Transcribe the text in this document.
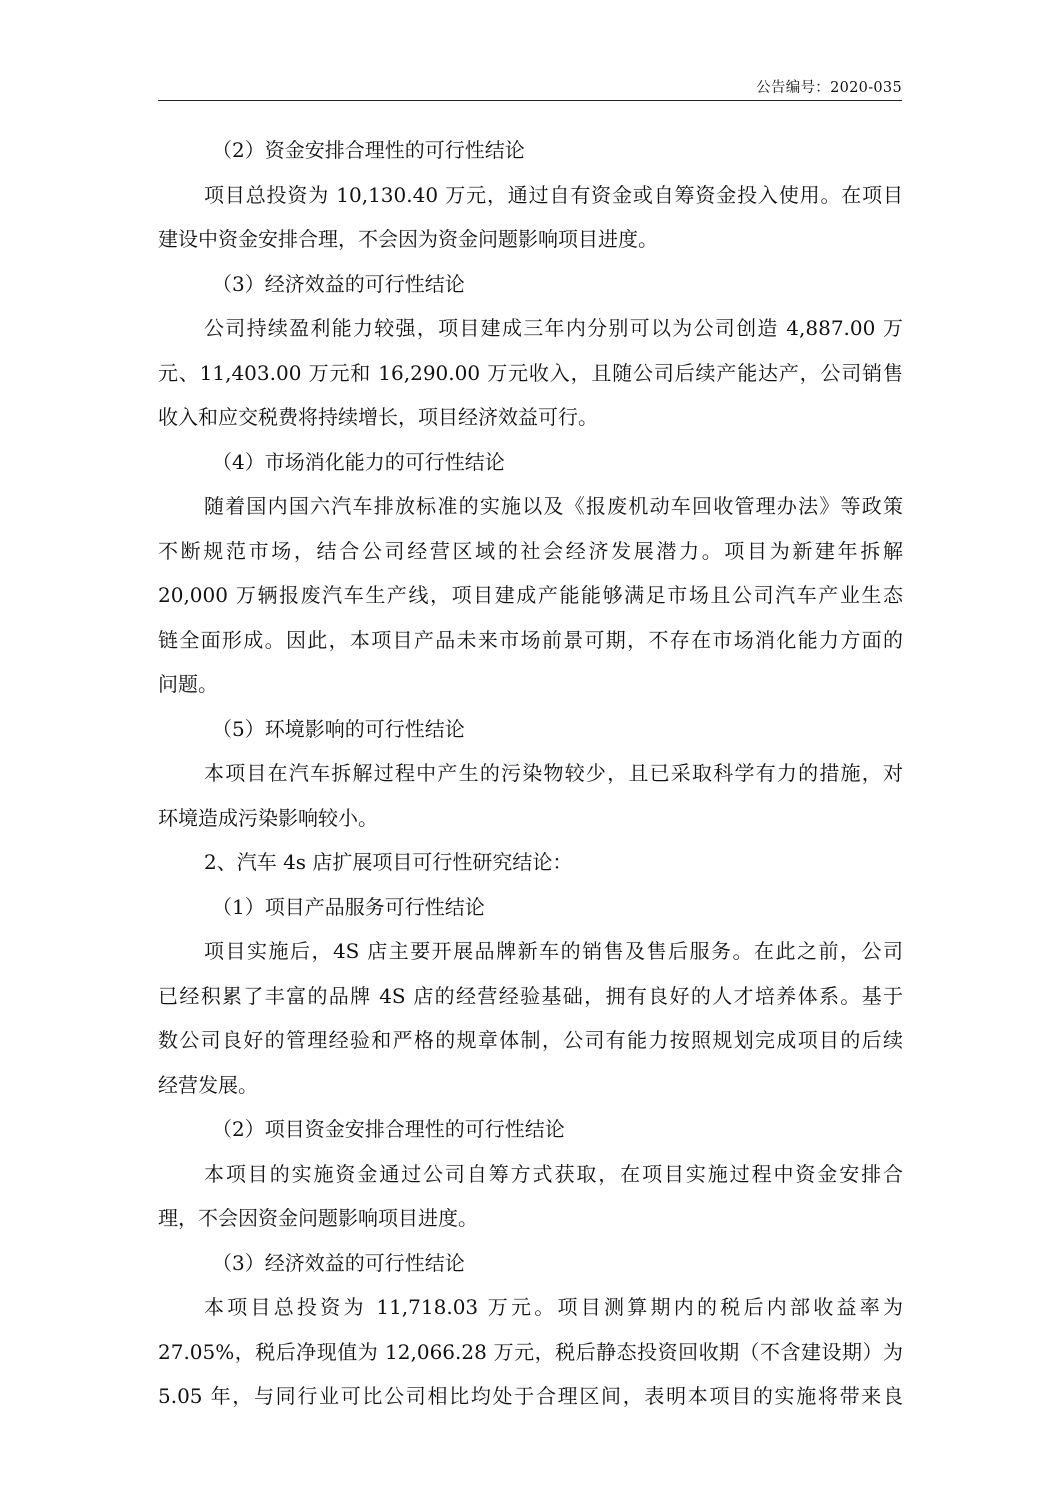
公告编号：2020-035
（2）资金安排合理性的可行性结论
项目总投资为 10,130.40 万元，通过自有资金或自筹资金投入使用。在项目
建设中资金安排合理，不会因为资金问题影响项目进度。
（3）经济效益的可行性结论
公司持续盈利能力较强，项目建成三年内分别可以为公司创造 4,887.00 万
元、11,403.00 万元和 16,290.00 万元收入，且随公司后续产能达产，公司销售
收入和应交税费将持续增长，项目经济效益可行。
（4）市场消化能力的可行性结论
随着国内国六汽车排放标准的实施以及《报废机动车回收管理办法》等政策
不断规范市场，结合公司经营区域的社会经济发展潜力。项目为新建年拆解
20,000 万辆报废汽车生产线，项目建成产能能够满足市场且公司汽车产业生态
链全面形成。因此，本项目产品未来市场前景可期，不存在市场消化能力方面的
问题。
（5）环境影响的可行性结论
本项目在汽车拆解过程中产生的污染物较少，且已采取科学有力的措施，对
环境造成污染影响较小。
2、汽车 4s 店扩展项目可行性研究结论：
（1）项目产品服务可行性结论
项目实施后，4S 店主要开展品牌新车的销售及售后服务。在此之前，公司
已经积累了丰富的品牌 4S 店的经营经验基础，拥有良好的人才培养体系。基于
数公司良好的管理经验和严格的规章体制，公司有能力按照规划完成项目的后续
经营发展。
（2）项目资金安排合理性的可行性结论
本项目的实施资金通过公司自筹方式获取，在项目实施过程中资金安排合
理，不会因资金问题影响项目进度。
（3）经济效益的可行性结论
本项目总投资为 11,718.03 万元。项目测算期内的税后内部收益率为
27.05%，税后净现值为 12,066.28 万元，税后静态投资回收期（不含建设期）为
5.05 年，与同行业可比公司相比均处于合理区间，表明本项目的实施将带来良
